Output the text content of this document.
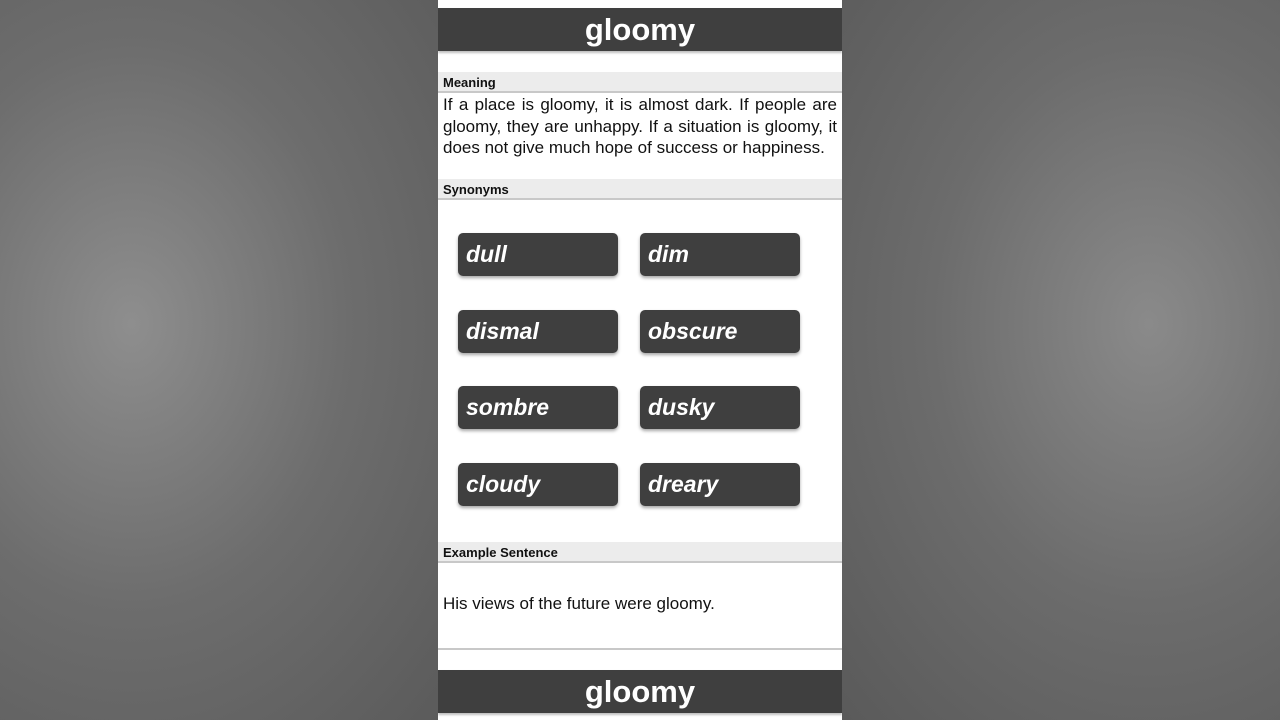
gloomy
Meaning
If a place is gloomy, it is almost dark. If people are gloomy, they are unhappy. If a situation is gloomy, it does not give much hope of success or happiness.
Synonyms
dull	dim
dismal	obscure
sombre	dusky
cloudy	dreary
Example Sentence
His views of the future were gloomy.
gloomy
